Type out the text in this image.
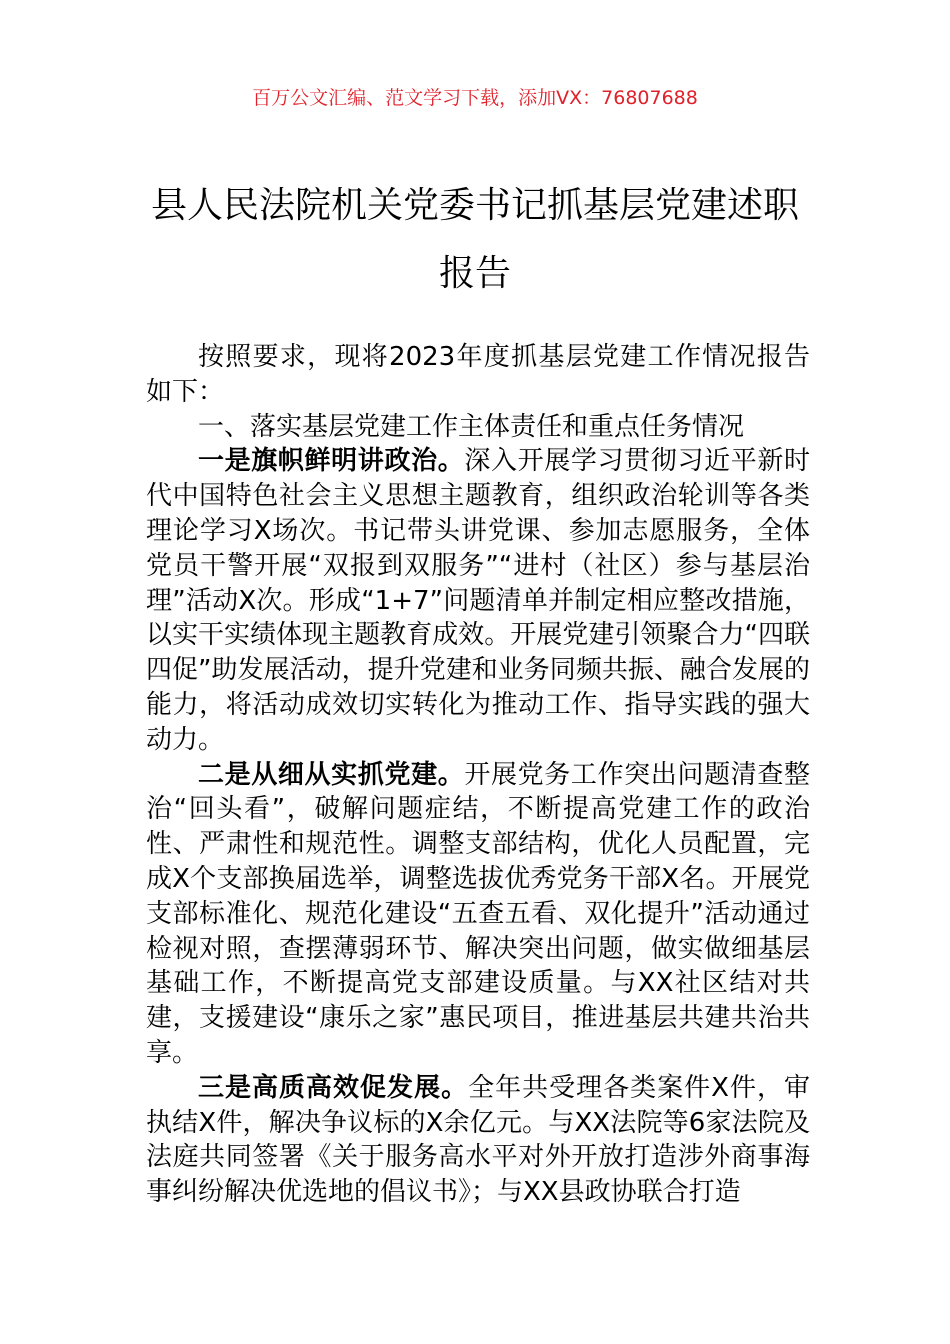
百万公文汇编、范文学习下载，添加VX：76807688
县人民法院机关党委书记抓基层党建述职报告

按照要求，现将2023年度抓基层党建工作情况报告如下：

一、落实基层党建工作主体责任和重点任务情况

一是旗帜鲜明讲政治。深入开展学习贯彻习近平新时代中国特色社会主义思想主题教育，组织政治轮训等各类理论学习X场次。书记带头讲党课、参加志愿服务，全体党员干警开展“双报到双服务”“进村（社区）参与基层治理”活动X次。形成“1+7”问题清单并制定相应整改措施，以实干实绩体现主题教育成效。开展党建引领聚合力“四联四促”助发展活动，提升党建和业务同频共振、融合发展的能力，将活动成效切实转化为推动工作、指导实践的强大动力。

二是从细从实抓党建。开展党务工作突出问题清查整治“回头看”，破解问题症结，不断提高党建工作的政治性、严肃性和规范性。调整支部结构，优化人员配置，完成X个支部换届选举，调整选拔优秀党务干部X名。开展党支部标准化、规范化建设“五查五看、双化提升”活动通过检视对照，查摆薄弱环节、解决突出问题，做实做细基层基础工作，不断提高党支部建设质量。与XX社区结对共建，支援建设“康乐之家”惠民项目，推进基层共建共治共享。

三是高质高效促发展。全年共受理各类案件X件，审执结X件，解决争议标的X余亿元。与XX法院等6家法院及法庭共同签署《关于服务高水平对外开放打造涉外商事海事纠纷解决优选地的倡议书》；与XX县政协联合打造
